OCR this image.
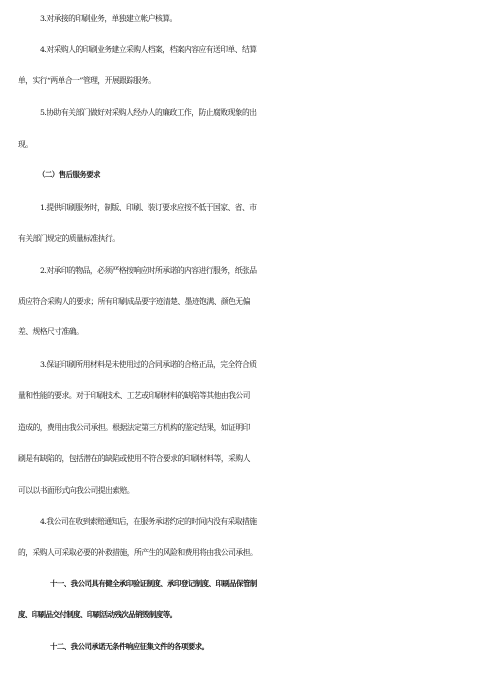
3.对承接的印刷业务，单独建立帐户核算。
4.对采购人的印刷业务建立采购人档案，档案内容应有送印单、结算
单，实行“两单合一”管理，开展跟踪服务。
5.协助有关部门做好对采购人经办人的廉政工作，防止腐败现象的出
现。
（二）售后服务要求
1.提供印刷服务时，制版、印刷、装订要求应按不低于国家、省、市
有关部门规定的质量标准执行。
2.对承印的物品，必须严格按响应时所承诺的内容进行服务，纸张品
质应符合采购人的要求；所有印刷成品要字迹清楚、墨迹饱满、颜色无偏
差、规格尺寸准确。
3.保证印刷所用材料是未使用过的合同承诺的合格正品，完全符合质
量和性能的要求。对于印刷技术、工艺或印刷材料的缺陷等其他由我公司
造成的，费用由我公司承担。根据法定第三方机构的鉴定结果，如证明印
刷是有缺陷的，包括潜在的缺陷或使用不符合要求的印刷材料等，采购人
可以以书面形式向我公司提出索赔。
4.我公司在收到索赔通知后，在服务承诺约定的时间内没有采取措施
的，采购人可采取必要的补救措施，所产生的风险和费用将由我公司承担。
十一、我公司具有健全承印验证制度、承印登记制度、印刷品保管制
度、印刷品交付制度、印刷活动残次品销毁制度等。
十二、我公司承诺无条件响应征集文件的各项要求。
